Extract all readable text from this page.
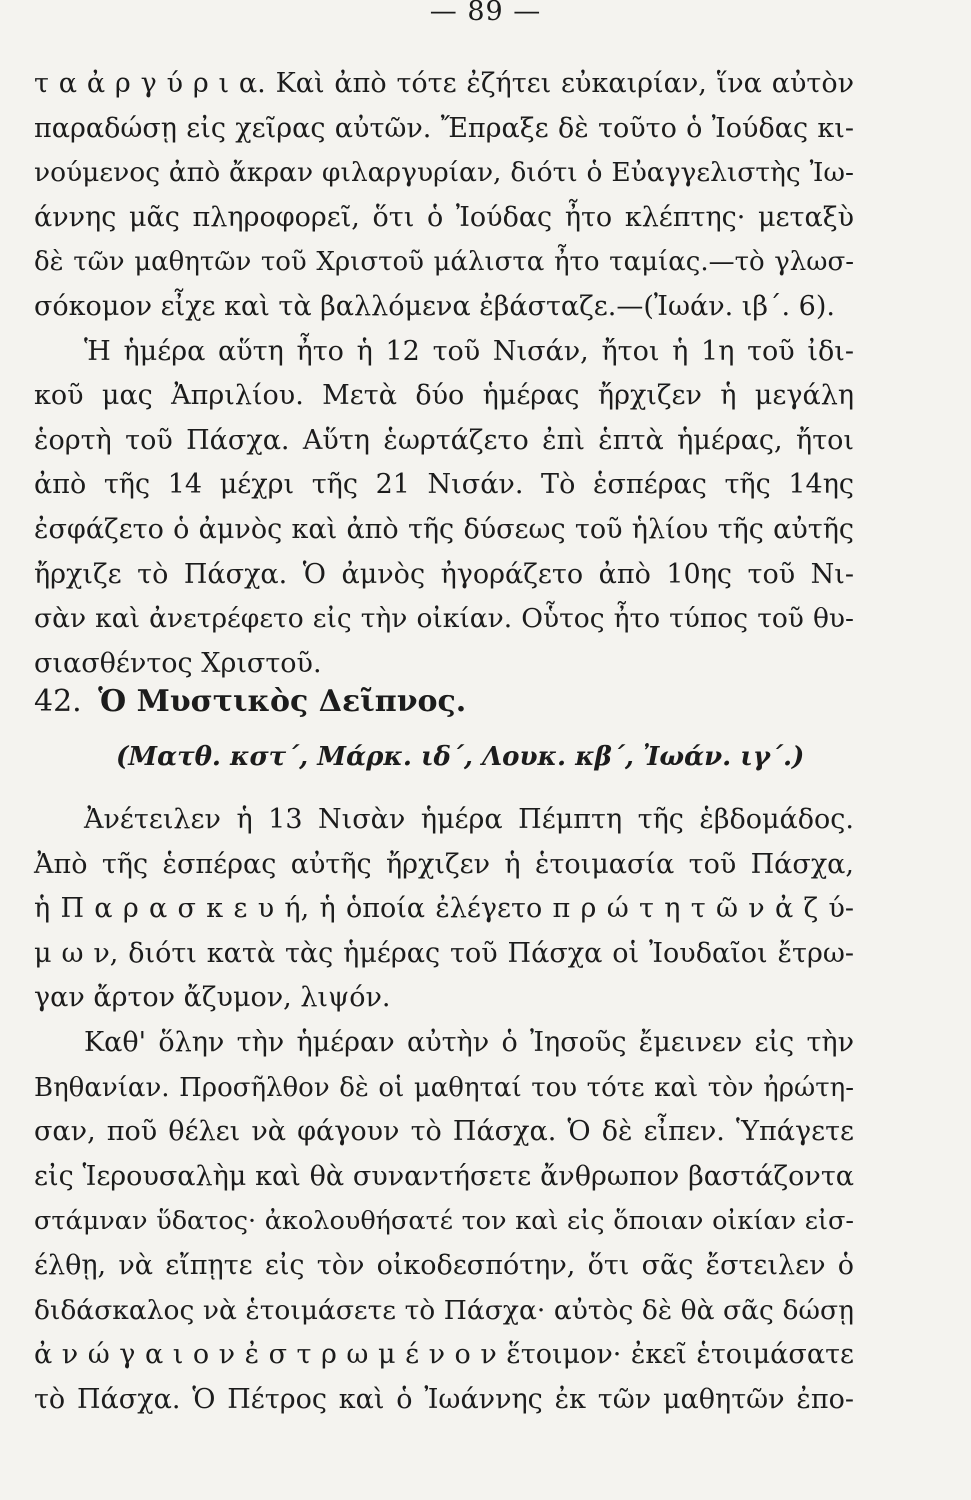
— 89 —
τ α ἀ ρ γ ύ ρ ι α. Καὶ ἀπὸ τότε ἐζήτει εὐκαιρίαν, ἵνα αὐτὸν
παραδώσῃ εἰς χεῖρας αὐτῶν. Ἔπραξε δὲ τοῦτο ὁ Ἰούδας κι-
νούμενος ἀπὸ ἄκραν φιλαργυρίαν, διότι ὁ Εὐαγγελιστὴς Ἰω-
άννης μᾶς πληροφορεῖ, ὅτι ὁ Ἰούδας ἦτο κλέπτης· μεταξὺ
δὲ τῶν μαθητῶν τοῦ Χριστοῦ μάλιστα ἦτο ταμίας.—τὸ γλωσ-
σόκομον εἶχε καὶ τὰ βαλλόμενα ἐβάσταζε.—(Ἰωάν. ιβ΄. 6).
Ἡ ἡμέρα αὕτη ἦτο ἡ 12 τοῦ Νισάν, ἤτοι ἡ 1η τοῦ ἰδι-
κοῦ μας Ἀπριλίου. Μετὰ δύο ἡμέρας ἤρχιζεν ἡ μεγάλη
ἑορτὴ τοῦ Πάσχα. Αὕτη ἑωρτάζετο ἐπὶ ἑπτὰ ἡμέρας, ἤτοι
ἀπὸ τῆς 14 μέχρι τῆς 21 Νισάν. Τὸ ἑσπέρας τῆς 14ης
ἐσφάζετο ὁ ἀμνὸς καὶ ἀπὸ τῆς δύσεως τοῦ ἡλίου τῆς αὐτῆς
ἤρχιζε τὸ Πάσχα. Ὁ ἀμνὸς ἠγοράζετο ἀπὸ 10ης τοῦ Νι-
σὰν καὶ ἀνετρέφετο εἰς τὴν οἰκίαν. Οὗτος ἦτο τύπος τοῦ θυ-
σιασθέντος Χριστοῦ.
42. Ὁ Μυστικὸς Δεῖπνος.
(Ματθ. κστ΄, Μάρκ. ιδ΄, Λουκ. κβ΄, Ἰωάν. ιγ΄.)
Ἀνέτειλεν ἡ 13 Νισὰν ἡμέρα Πέμπτη τῆς ἑβδομάδος.
Ἀπὸ τῆς ἑσπέρας αὐτῆς ἤρχιζεν ἡ ἑτοιμασία τοῦ Πάσχα,
ἡ Π α ρ α σ κ ε υ ή, ἡ ὁποία ἐλέγετο π ρ ώ τ η τ ῶ ν ἀ ζ ύ-
μ ω ν, διότι κατὰ τὰς ἡμέρας τοῦ Πάσχα οἱ Ἰουδαῖοι ἔτρω-
γαν ἄρτον ἄζυμον, λιψόν.
Καθ' ὅλην τὴν ἡμέραν αὐτὴν ὁ Ἰησοῦς ἔμεινεν εἰς τὴν
Βηθανίαν. Προσῆλθον δὲ οἱ μαθηταί του τότε καὶ τὸν ἠρώτη-
σαν, ποῦ θέλει νὰ φάγουν τὸ Πάσχα. Ὁ δὲ εἶπεν. Ὑπάγετε
εἰς Ἱερουσαλὴμ καὶ θὰ συναντήσετε ἄνθρωπον βαστάζοντα
στάμναν ὕδατος· ἀκολουθήσατέ τον καὶ εἰς ὅποιαν οἰκίαν εἰσ-
έλθῃ, νὰ εἴπῃτε εἰς τὸν οἰκοδεσπότην, ὅτι σᾶς ἔστειλεν ὁ
διδάσκαλος νὰ ἑτοιμάσετε τὸ Πάσχα· αὐτὸς δὲ θὰ σᾶς δώσῃ
ἀ ν ώ γ α ι ο ν ἐ σ τ ρ ω μ έ ν ο ν ἕτοιμον· ἐκεῖ ἑτοιμάσατε
τὸ Πάσχα. Ὁ Πέτρος καὶ ὁ Ἰωάννης ἐκ τῶν μαθητῶν ἐπο-
